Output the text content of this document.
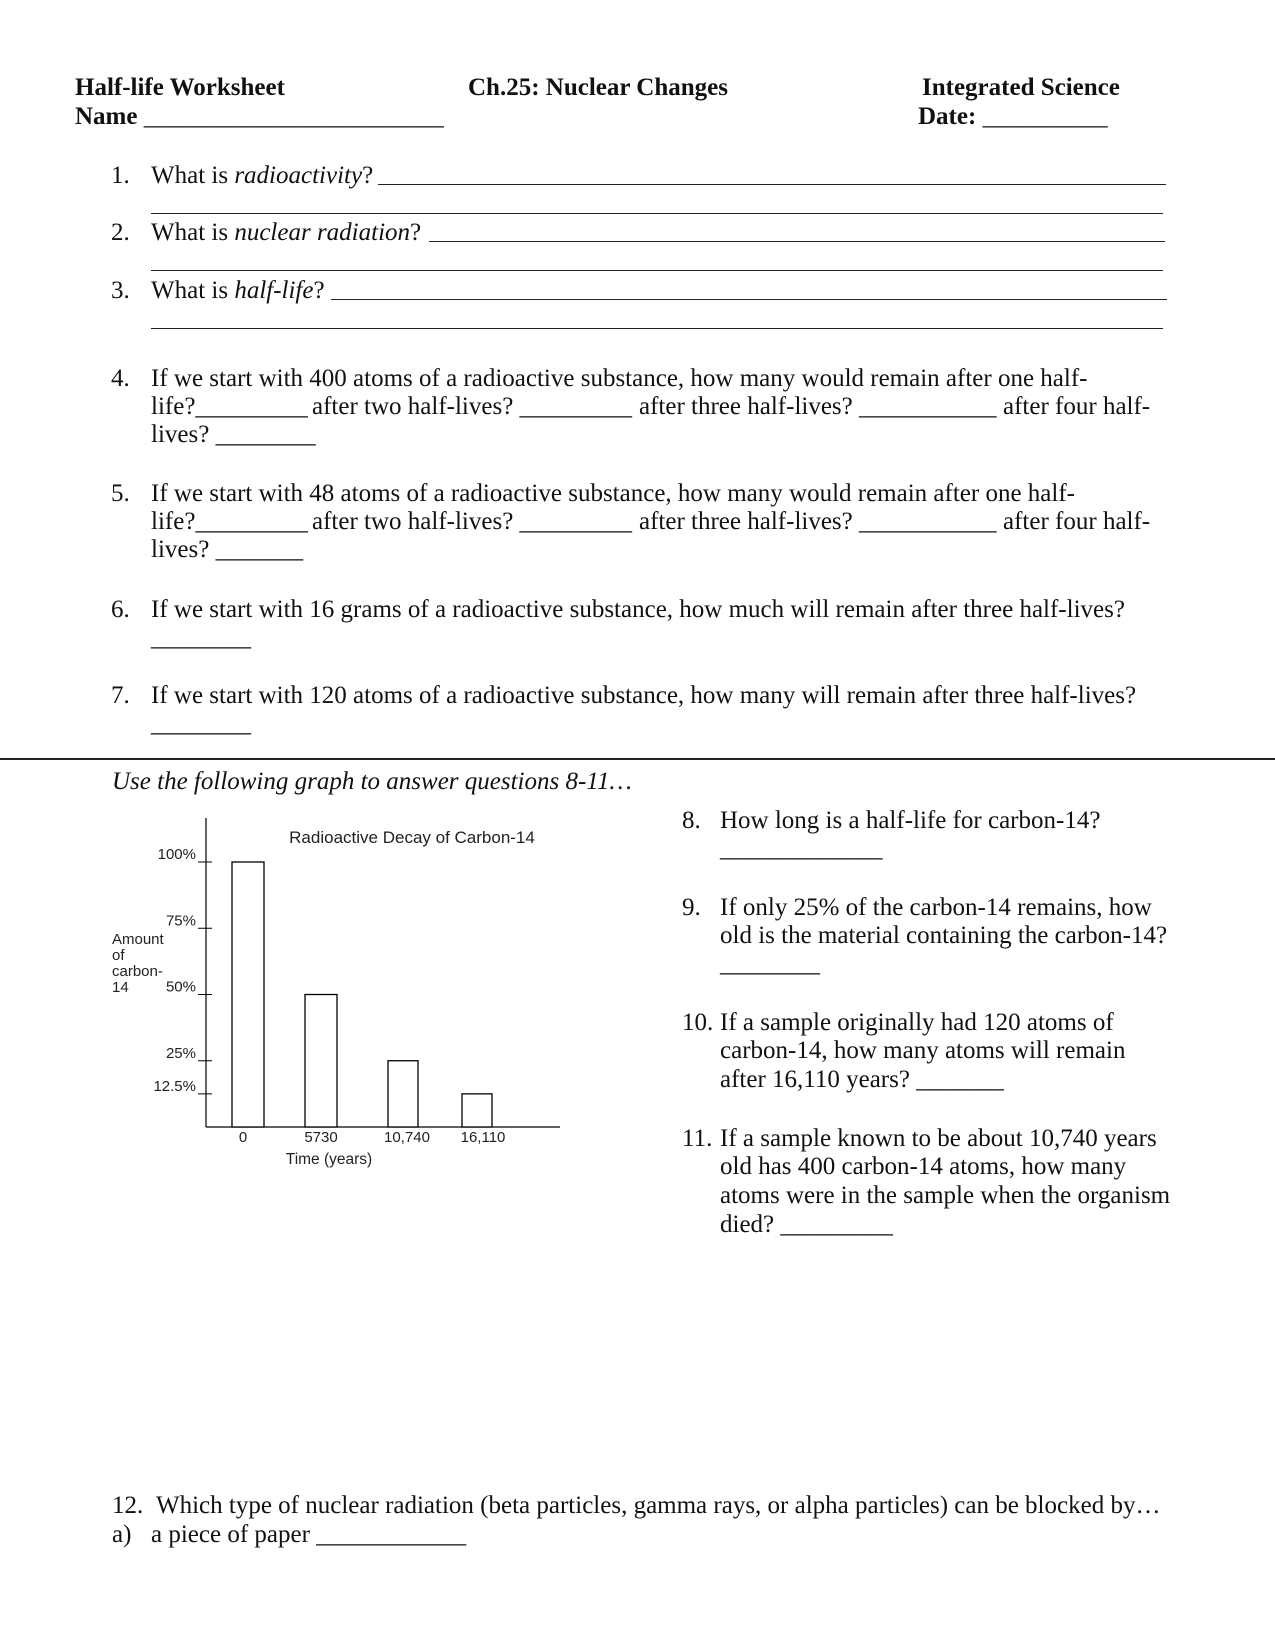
Half-life Worksheet	Ch.25: Nuclear Changes	Integrated Science
Name ________________________	Date: __________
1. What is radioactivity?
2. What is nuclear radiation?
3. What is half-life?
4. If we start with 400 atoms of a radioactive substance, how many would remain after one half-
life?_________ after two half-lives? _________ after three half-lives? ___________ after four half-
lives? ________
5. If we start with 48 atoms of a radioactive substance, how many would remain after one half-
life?_________ after two half-lives? _________ after three half-lives? ___________ after four half-
lives? _______
6. If we start with 16 grams of a radioactive substance, how much will remain after three half-lives?
________
7. If we start with 120 atoms of a radioactive substance, how many will remain after three half-lives?
________
Use the following graph to answer questions 8-11…
Radioactive Decay of Carbon-14
Amount
of
carbon-
14
100%
75%
50%
25%
12.5%
0	5730	10,740 16,110
Time (years)
8. How long is a half-life for carbon-14?
_____________
9. If only 25% of the carbon-14 remains, how
old is the material containing the carbon-14?
________
10. If a sample originally had 120 atoms of
carbon-14, how many atoms will remain
after 16,110 years? _______
11. If a sample known to be about 10,740 years
old has 400 carbon-14 atoms, how many
atoms were in the sample when the organism
died? _________
12. Which type of nuclear radiation (beta particles, gamma rays, or alpha particles) can be blocked by…
a) a piece of paper ____________
